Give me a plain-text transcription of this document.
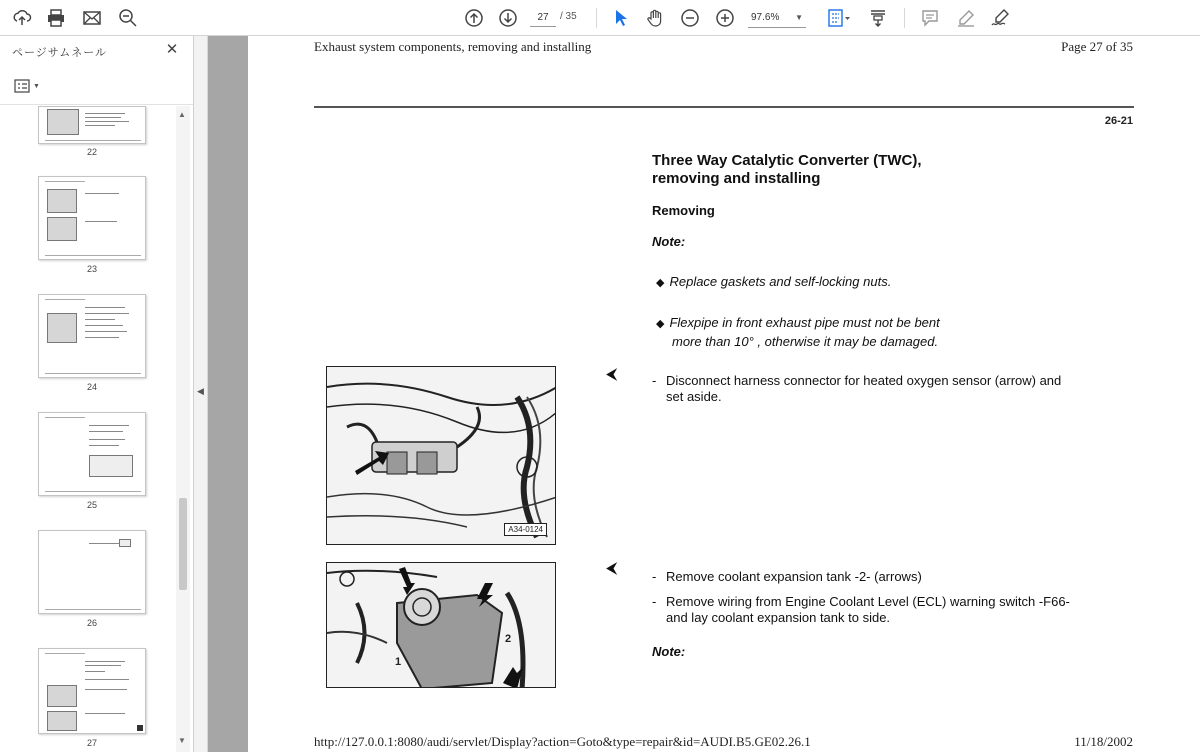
27
/ 35	97.6% ▼
ページサムネール	✕
▼
22
23
24
25
26
27
▲
▼
◀
Exhaust system components, removing and installing	Page 27 of 35
26-21
Three Way Catalytic Converter (TWC),
removing and installing
Removing
Note:
◆ Replace gaskets and self-locking nuts.
◆ Flexpipe in front exhaust pipe must not be bent
more than 10° , otherwise it may be damaged.
A34-0124
⮜	- Disconnect harness connector for heated oxygen sensor (arrow) and
set aside.
1
2
⮜	- Remove coolant expansion tank -2- (arrows)
- Remove wiring from Engine Coolant Level (ECL) warning switch -F66-
and lay coolant expansion tank to side.
Note:
http://127.0.0.1:8080/audi/servlet/Display?action=Goto&type=repair&id=AUDI.B5.GE02.26.1	11/18/2002
